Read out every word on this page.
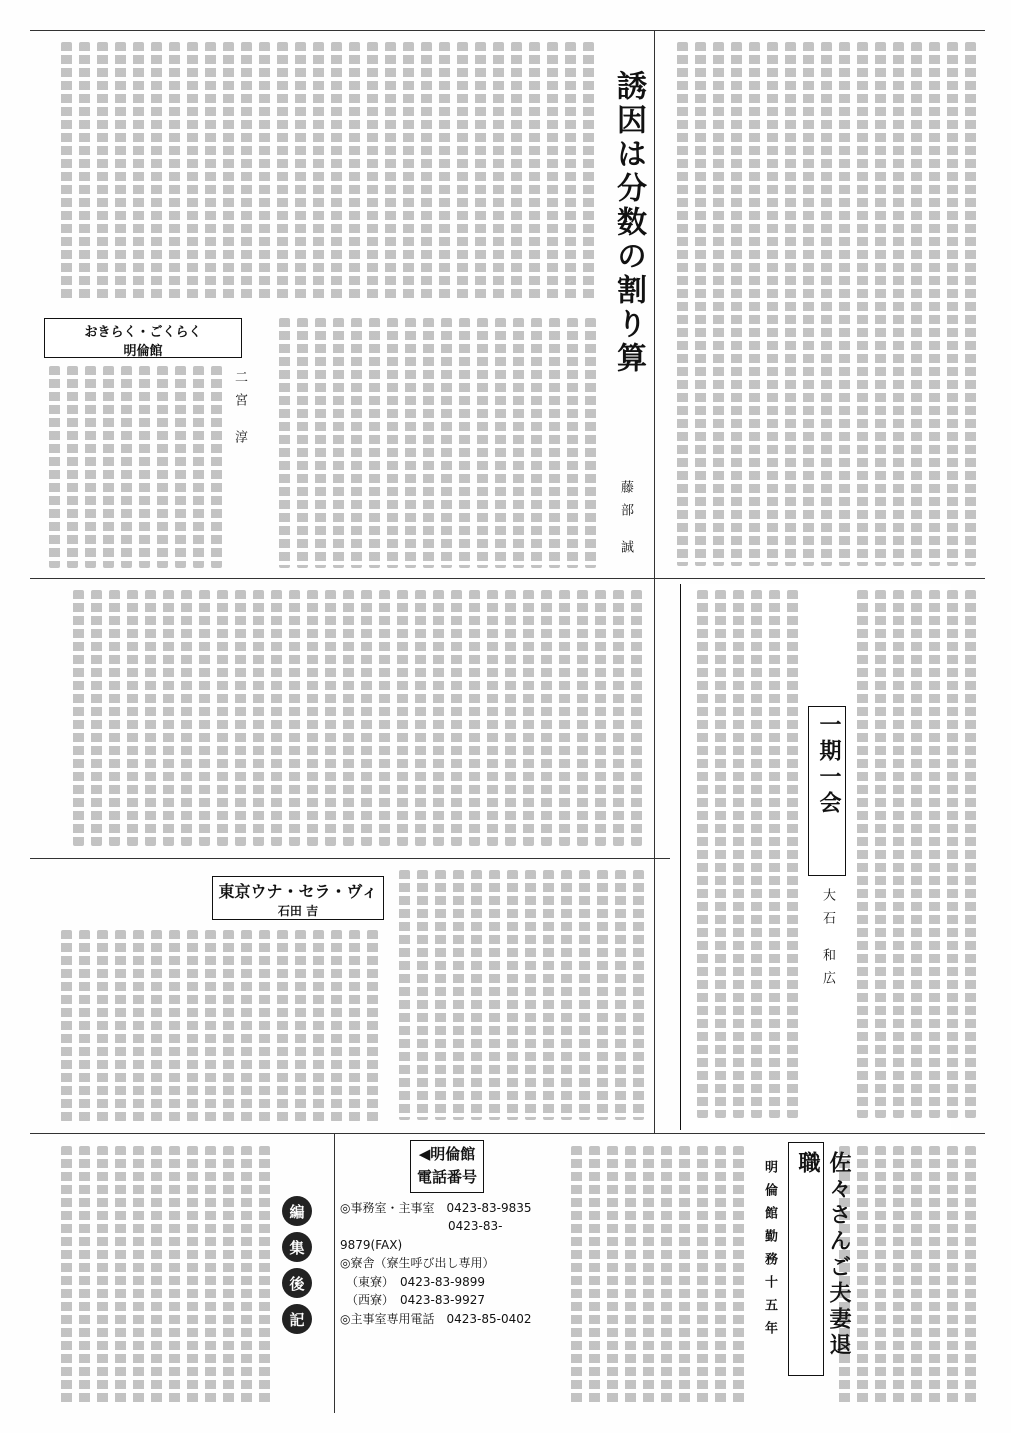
誘因は分数の割り算
藤部 誠
おきらく・ごくらく
明倫館
二宮 淳
一期一会
大石 和広
東京ウナ・セラ・ヴィ
石田 吉
佐々さんご夫妻退職
明倫館勤務十五年
◀明倫館 電話番号
◎事務室・主事室　0423-83-9835
　　　　　　　　　0423-83-9879(FAX)
◎寮舎（寮生呼び出し専用）
　（東寮）　0423-83-9899
　（西寮）　0423-83-9927
◎主事室専用電話　0423-85-0402
編
集
後
記
